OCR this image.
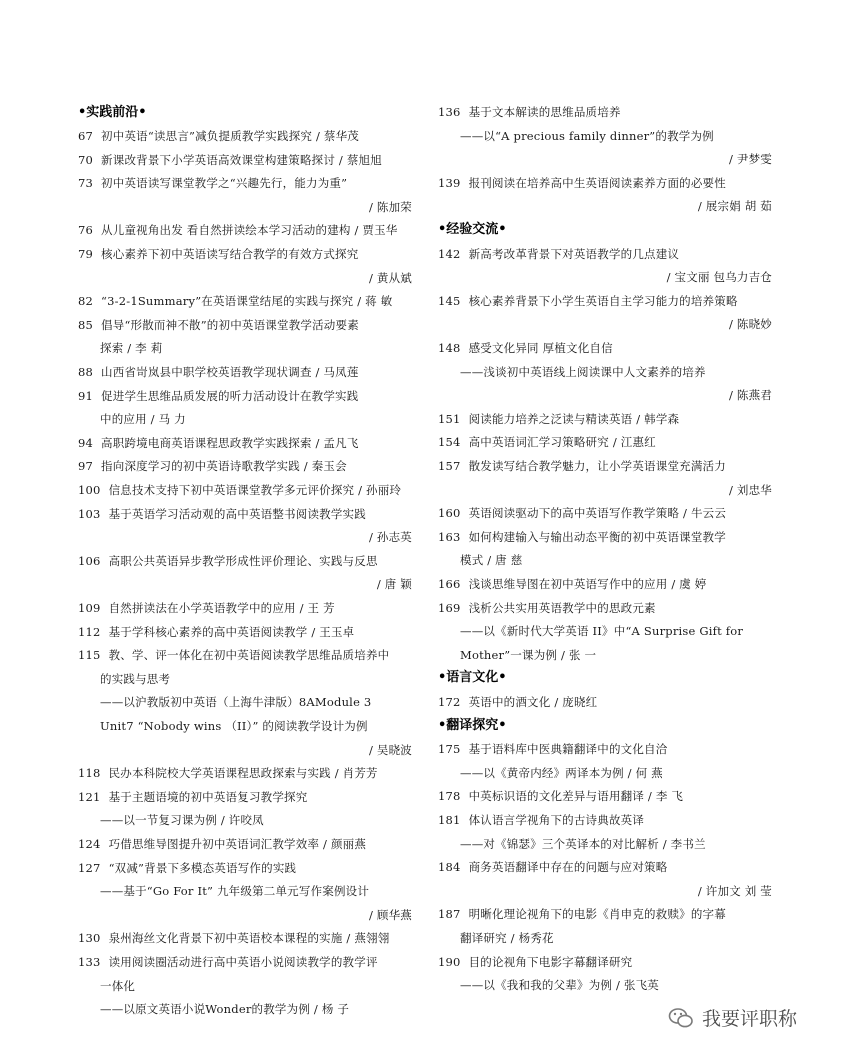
•实践前沿•
67 初中英语“读思言”减负提质教学实践探究 / 蔡华茂
70 新课改背景下小学英语高效课堂构建策略探讨 / 蔡旭旭
73 初中英语读写课堂教学之“兴趣先行，能力为重”
/ 陈加荣
76 从儿童视角出发 看自然拼读绘本学习活动的建构 / 贾玉华
79 核心素养下初中英语读写结合教学的有效方式探究
/ 黄从斌
82 “3-2-1Summary”在英语课堂结尾的实践与探究 / 蒋 敏
85 倡导“形散而神不散”的初中英语课堂教学活动要素
探索 / 李 莉
88 山西省岢岚县中职学校英语教学现状调查 / 马凤莲
91 促进学生思维品质发展的听力活动设计在教学实践
中的应用 / 马 力
94 高职跨境电商英语课程思政教学实践探索 / 孟凡飞
97 指向深度学习的初中英语诗歌教学实践 / 秦玉会
100 信息技术支持下初中英语课堂教学多元评价探究 / 孙丽玲
103 基于英语学习活动观的高中英语整书阅读教学实践
/ 孙志英
106 高职公共英语异步教学形成性评价理论、实践与反思
/ 唐 颖
109 自然拼读法在小学英语教学中的应用 / 王 芳
112 基于学科核心素养的高中英语阅读教学 / 王玉卓
115 教、学、评一体化在初中英语阅读教学思维品质培养中
的实践与思考
——以沪教版初中英语（上海牛津版）8AModule 3
Unit7 “Nobody wins （II）” 的阅读教学设计为例
/ 吴晓波
118 民办本科院校大学英语课程思政探索与实践 / 肖芳芳
121 基于主题语境的初中英语复习教学探究
——以一节复习课为例 / 许咬凤
124 巧借思维导图提升初中英语词汇教学效率 / 颜丽燕
127 “双减”背景下多模态英语写作的实践
——基于“Go For It” 九年级第二单元写作案例设计
/ 顾华燕
130 泉州海丝文化背景下初中英语校本课程的实施 / 燕翎翎
133 读用阅读圈活动进行高中英语小说阅读教学的教学评
一体化
——以原文英语小说Wonder的教学为例 / 杨 子
136 基于文本解读的思维品质培养
——以“A precious family dinner”的教学为例
/ 尹梦雯
139 报刊阅读在培养高中生英语阅读素养方面的必要性
/ 展宗娟 胡 茹
•经验交流•
142 新高考改革背景下对英语教学的几点建议
/ 宝文丽 包乌力吉仓
145 核心素养背景下小学生英语自主学习能力的培养策略
/ 陈晓妙
148 感受文化异同 厚植文化自信
——浅谈初中英语线上阅读课中人文素养的培养
/ 陈燕君
151 阅读能力培养之泛读与精读英语 / 韩学森
154 高中英语词汇学习策略研究 / 江惠红
157 散发读写结合教学魅力，让小学英语课堂充满活力
/ 刘忠华
160 英语阅读驱动下的高中英语写作教学策略 / 牛云云
163 如何构建输入与输出动态平衡的初中英语课堂教学
模式 / 唐 慈
166 浅谈思维导图在初中英语写作中的应用 / 虞 婷
169 浅析公共实用英语教学中的思政元素
——以《新时代大学英语 II》中“A Surprise Gift for
Mother”一课为例 / 张 一
•语言文化•
172 英语中的酒文化 / 庞晓红
•翻译探究•
175 基于语料库中医典籍翻译中的文化自洽
——以《黄帝内经》两译本为例 / 何 燕
178 中英标识语的文化差异与语用翻译 / 李 飞
181 体认语言学视角下的古诗典故英译
——对《锦瑟》三个英译本的对比解析 / 李书兰
184 商务英语翻译中存在的问题与应对策略
/ 许加文 刘 莹
187 明晰化理论视角下的电影《肖申克的救赎》的字幕
翻译研究 / 杨秀花
190 目的论视角下电影字幕翻译研究
——以《我和我的父辈》为例 / 张飞英
我要评职称
